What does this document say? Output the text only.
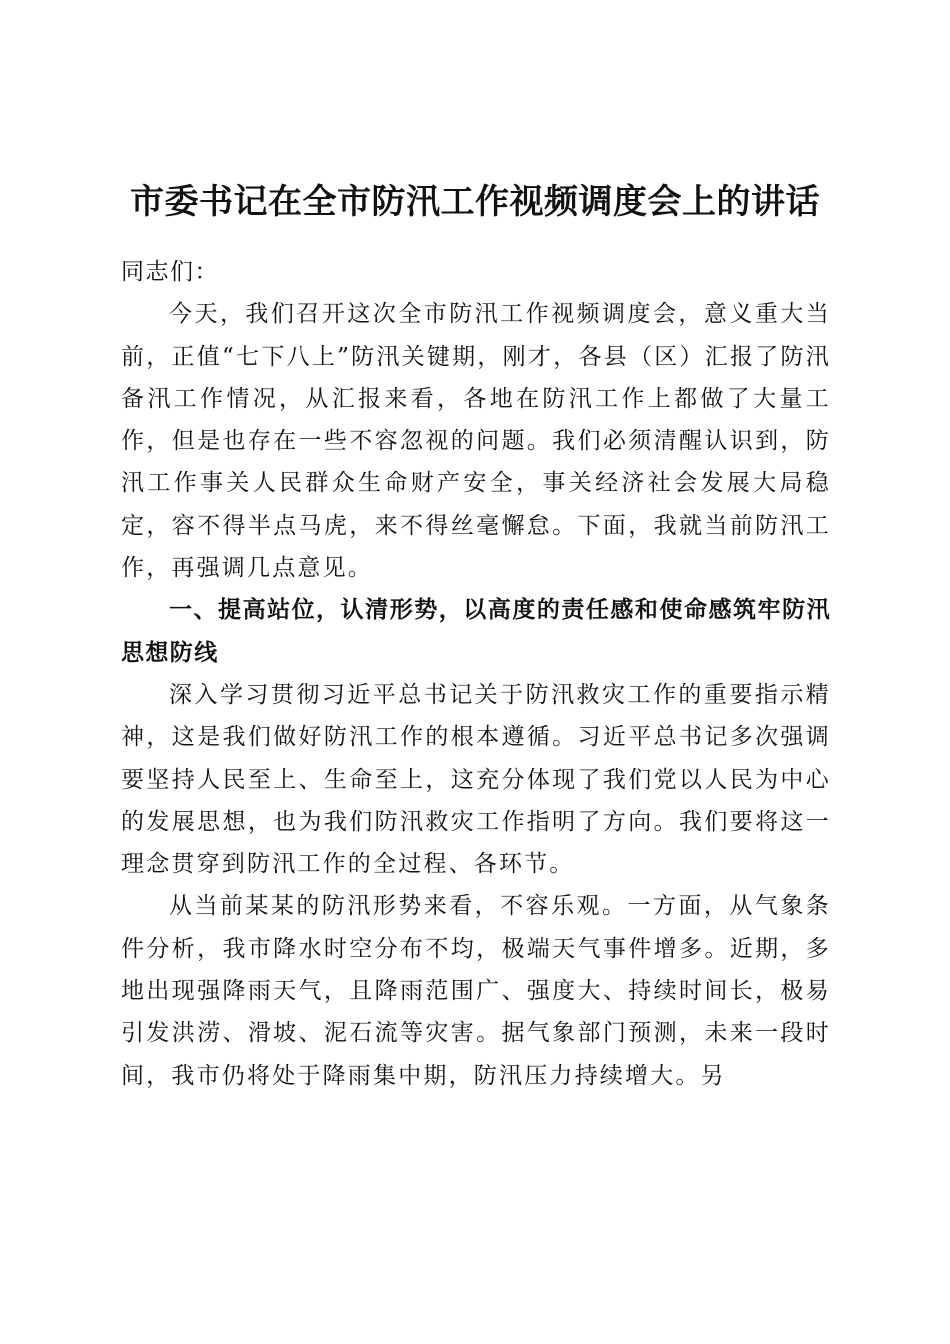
市委书记在全市防汛工作视频调度会上的讲话

同志们：

今天，我们召开这次全市防汛工作视频调度会，意义重大当前，正值“七下八上”防汛关键期，刚才，各县（区）汇报了防汛备汛工作情况，从汇报来看，各地在防汛工作上都做了大量工作，但是也存在一些不容忽视的问题。我们必须清醒认识到，防汛工作事关人民群众生命财产安全，事关经济社会发展大局稳定，容不得半点马虎，来不得丝毫懈怠。下面，我就当前防汛工作，再强调几点意见。

一、提高站位，认清形势，以高度的责任感和使命感筑牢防汛思想防线

深入学习贯彻习近平总书记关于防汛救灾工作的重要指示精神，这是我们做好防汛工作的根本遵循。习近平总书记多次强调要坚持人民至上、生命至上，这充分体现了我们党以人民为中心的发展思想，也为我们防汛救灾工作指明了方向。我们要将这一理念贯穿到防汛工作的全过程、各环节。

从当前某某的防汛形势来看，不容乐观。一方面，从气象条件分析，我市降水时空分布不均，极端天气事件增多。近期，多地出现强降雨天气，且降雨范围广、强度大、持续时间长，极易引发洪涝、滑坡、泥石流等灾害。据气象部门预测，未来一段时间，我市仍将处于降雨集中期，防汛压力持续增大。另
